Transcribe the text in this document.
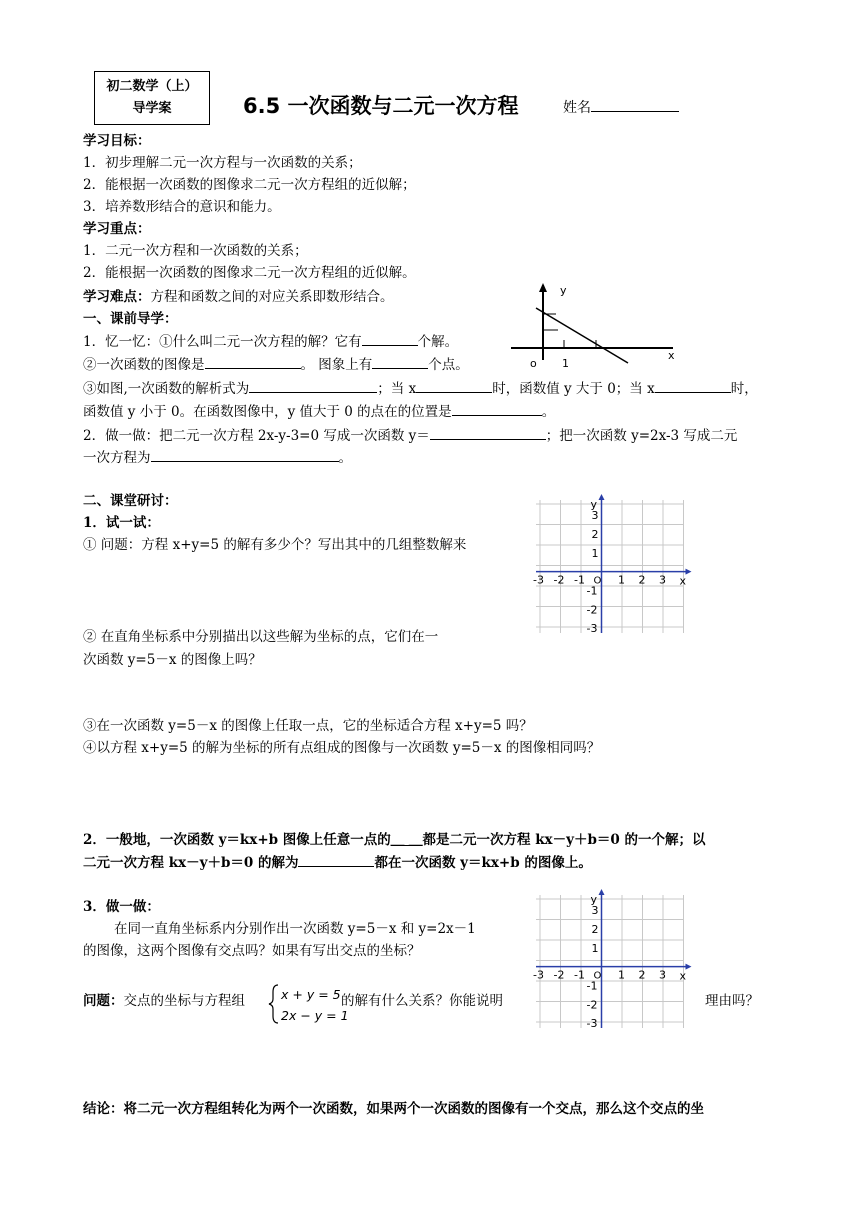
初二数学（上）
导学案	6.5 一次函数与二元一次方程	姓名
学习目标：
1．初步理解二元一次方程与一次函数的关系；
2．能根据一次函数的图像求二元一次方程组的近似解；
3．培养数形结合的意识和能力。
学习重点：
1．二元一次方程和一次函数的关系；
2．能根据一次函数的图像求二元一次方程组的近似解。
学习难点：方程和函数之间的对应关系即数形结合。
一、课前导学：
1．忆一忆：①什么叫二元一次方程的解？它有	个解。
②一次函数的图像是	。 图象上有	个点。
③如图,一次函数的解析式为	；当 x	时，函数值 y 大于 0；当 x	时，
函数值 y 小于 0。在函数图像中，y 值大于 0 的点在的位置是	。
2．做一做：把二元一次方程 2x-y-3=0 写成一次函数 y＝	；把一次函数 y=2x-3 写成二元
一次方程为	。
y
x
o 1
二、课堂研讨：
1．试一试：
① 问题：方程 x+y=5 的解有多少个？写出其中的几组整数解来
② 在直角坐标系中分别描出以这些解为坐标的点，它们在一
次函数 y=5－x 的图像上吗？
③在一次函数 y=5－x 的图像上任取一点，它的坐标适合方程 x+y=5 吗？
④以方程 x+y=5 的解为坐标的所有点组成的图像与一次函数 y=5－x 的图像相同吗？
2．一般地，一次函数 y＝kx+b 图像上任意一点的＿ ＿都是二元一次方程 kx－y＋b＝0 的一个解；以
二元一次方程 kx－y＋b＝0 的解为	都在一次函数 y＝kx+b 的图像上。
3．做一做：
在同一直角坐标系内分别作出一次函数 y=5－x 和 y=2x－1
的图像，这两个图像有交点吗？如果有写出交点的坐标？
问题：交点的坐标与方程组	x + y = 5
2x − y = 1
的解有什么关系？你能说明	理由吗？
结论：将二元一次方程组转化为两个一次函数，如果两个一次函数的图像有一个交点，那么这个交点的坐
y
x
O
-3 -2 -1	1 2 3
3
2
1
-1
-2
-3
y
x
O
-3 -2 -1	1 2 3
3
2
1
-1
-2
-3
